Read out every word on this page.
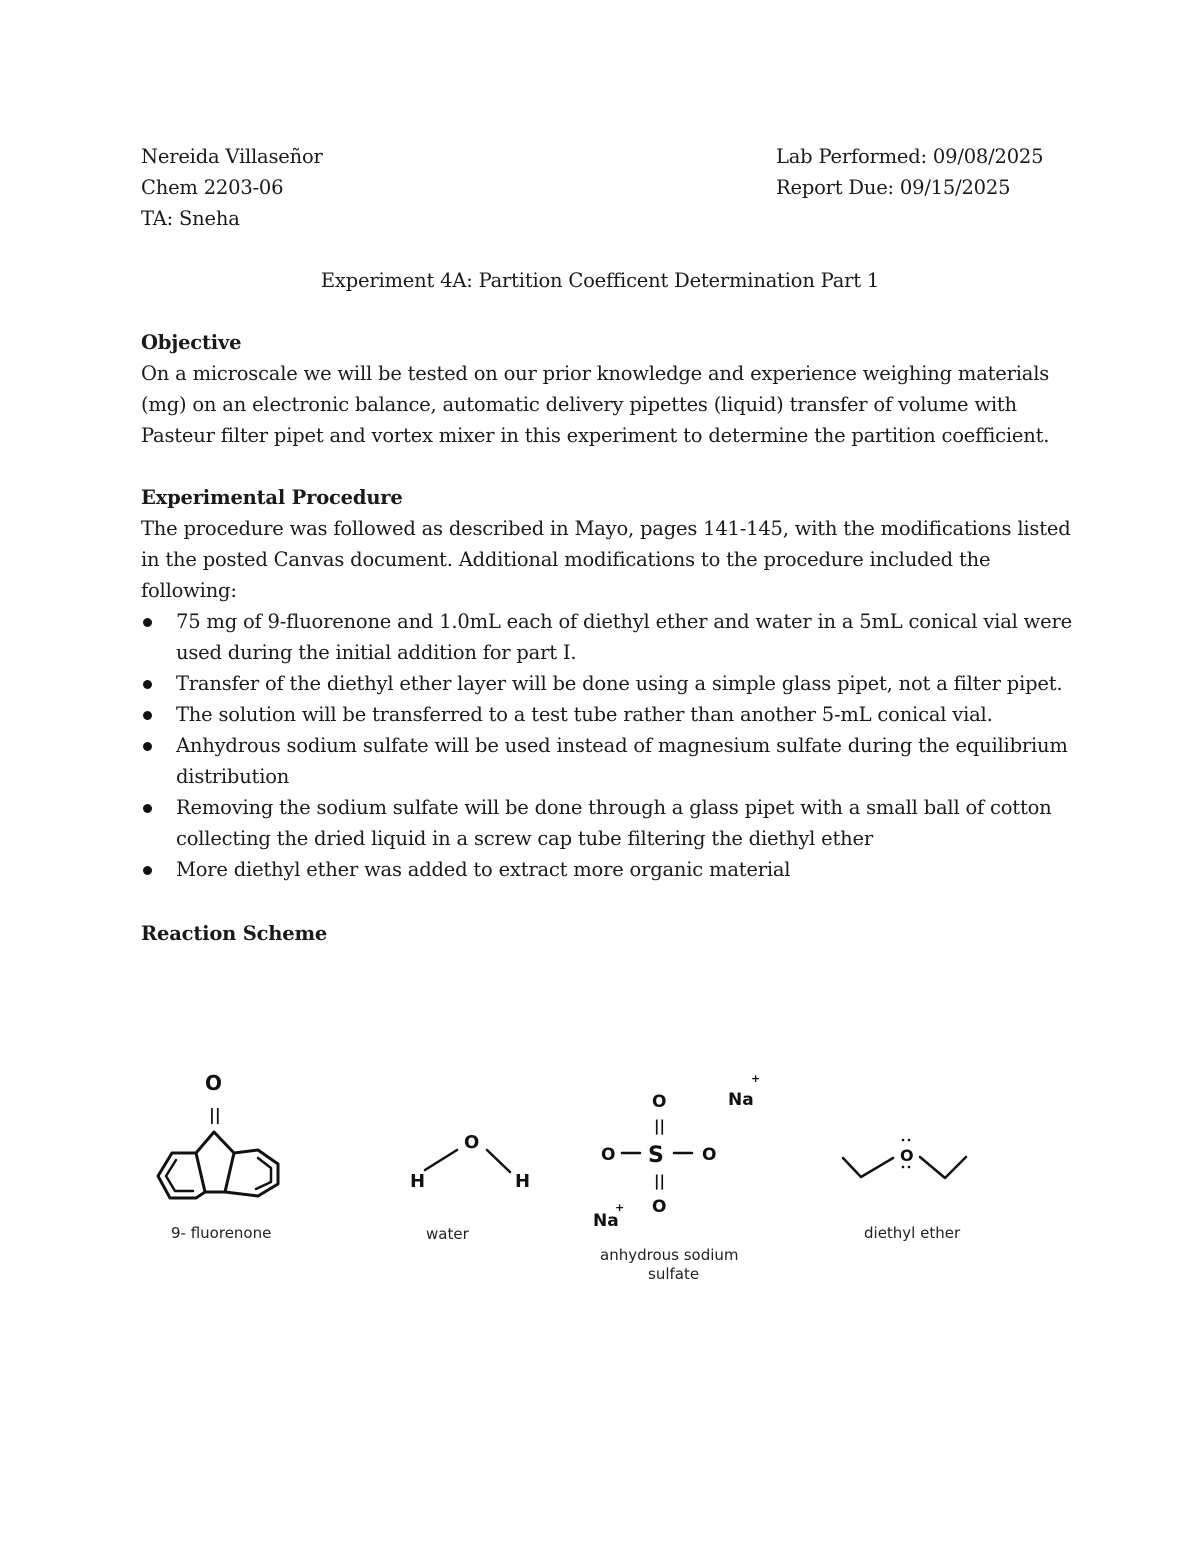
Nereida Villaseñor
Chem 2203-06
TA: Sneha
Lab Performed: 09/08/2025
Report Due: 09/15/2025
Experiment 4A: Partition Coefficent Determination Part 1
Objective
On a microscale we will be tested on our prior knowledge and experience weighing materials
(mg) on an electronic balance, automatic delivery pipettes (liquid) transfer of volume with
Pasteur filter pipet and vortex mixer in this experiment to determine the partition coefficient.
Experimental Procedure
The procedure was followed as described in Mayo, pages 141-145, with the modifications listed
in the posted Canvas document. Additional modifications to the procedure included the
following:
75 mg of 9-fluorenone and 1.0mL each of diethyl ether and water in a 5mL conical vial were
used during the initial addition for part I.
Transfer of the diethyl ether layer will be done using a simple glass pipet, not a filter pipet.
The solution will be transferred to a test tube rather than another 5-mL conical vial.
Anhydrous sodium sulfate will be used instead of magnesium sulfate during the equilibrium
distribution
Removing the sodium sulfate will be done through a glass pipet with a small ball of cotton
collecting the dried liquid in a screw cap tube filtering the diethyl ether
More diethyl ether was added to extract more organic material
Reaction Scheme
O
||
9- fluorenone
O
H	H
water
O
||
O S O
||
O
Na
+
Na
+
anhydrous sodium
sulfate
O
diethyl ether
